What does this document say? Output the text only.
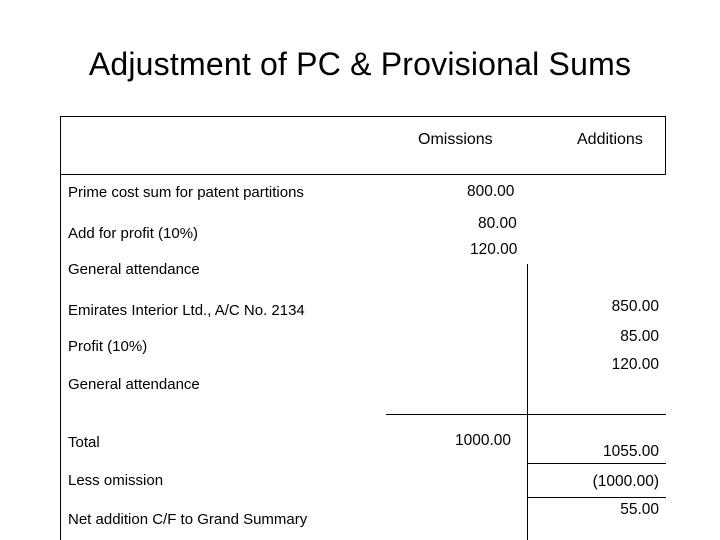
Adjustment of PC & Provisional Sums
Omissions	Additions
Prime cost sum for patent partitions
Add for profit (10%)
General attendance
Emirates Interior Ltd., A/C No. 2134
Profit (10%)
General attendance
Total
Less omission
Net addition C/F to Grand Summary
800.00
80.00
120.00
1000.00
850.00
85.00
120.00
1055.00
(1000.00)
55.00
